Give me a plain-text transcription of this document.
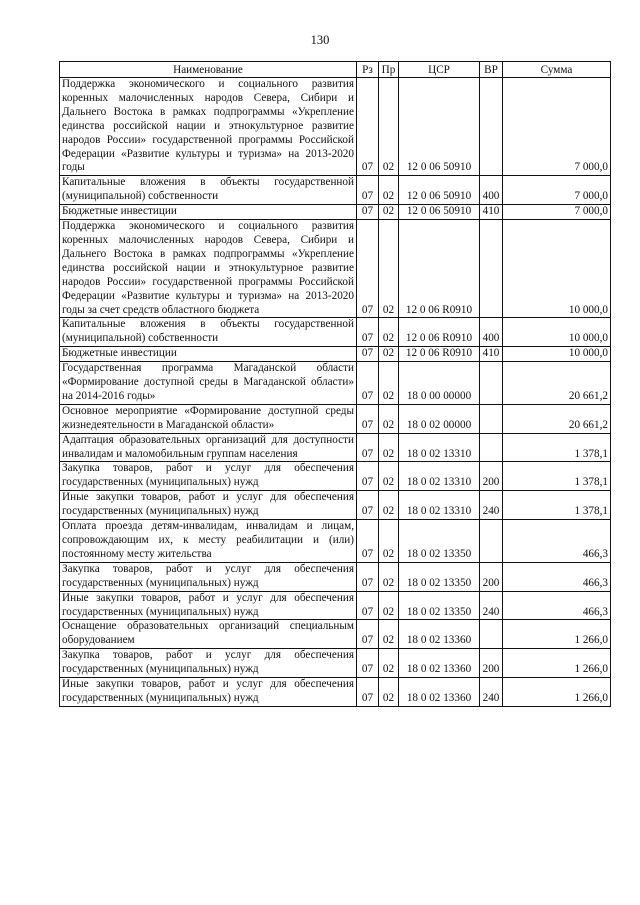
130
Наименование	Рз	Пр	ЦСР	ВР	Сумма
Поддержка экономического и социального развития коренных малочисленных народов Севера, Сибири и Дальнего Востока в рамках подпрограммы «Укрепление единства российской нации и этнокультурное развитие народов России» государственной программы Российской Федерации «Развитие культуры и туризма» на 2013-2020 годы	07	02	12 0 06 50910		7 000,0
Капитальные вложения в объекты государственной (муниципальной) собственности	07	02	12 0 06 50910	400	7 000,0
Бюджетные инвестиции	07	02	12 0 06 50910	410	7 000,0
Поддержка экономического и социального развития коренных малочисленных народов Севера, Сибири и Дальнего Востока в рамках подпрограммы «Укрепление единства российской нации и этнокультурное развитие народов России» государственной программы Российской Федерации «Развитие культуры и туризма» на 2013-2020 годы за счет средств областного бюджета	07	02	12 0 06 R0910		10 000,0
Капитальные вложения в объекты государственной (муниципальной) собственности	07	02	12 0 06 R0910	400	10 000,0
Бюджетные инвестиции	07	02	12 0 06 R0910	410	10 000,0
Государственная программа Магаданской области «Формирование доступной среды в Магаданской области» на 2014-2016 годы»	07	02	18 0 00 00000		20 661,2
Основное мероприятие «Формирование доступной среды жизнедеятельности в Магаданской области»	07	02	18 0 02 00000		20 661,2
Адаптация образовательных организаций для доступности инвалидам и маломобильным группам населения	07	02	18 0 02 13310		1 378,1
Закупка товаров, работ и услуг для обеспечения государственных (муниципальных) нужд	07	02	18 0 02 13310	200	1 378,1
Иные закупки товаров, работ и услуг для обеспечения государственных (муниципальных) нужд	07	02	18 0 02 13310	240	1 378,1
Оплата проезда детям-инвалидам, инвалидам и лицам, сопровождающим их, к месту реабилитации и (или) постоянному месту жительства	07	02	18 0 02 13350		466,3
Закупка товаров, работ и услуг для обеспечения государственных (муниципальных) нужд	07	02	18 0 02 13350	200	466,3
Иные закупки товаров, работ и услуг для обеспечения государственных (муниципальных) нужд	07	02	18 0 02 13350	240	466,3
Оснащение образовательных организаций специальным оборудованием	07	02	18 0 02 13360		1 266,0
Закупка товаров, работ и услуг для обеспечения государственных (муниципальных) нужд	07	02	18 0 02 13360	200	1 266,0
Иные закупки товаров, работ и услуг для обеспечения государственных (муниципальных) нужд	07	02	18 0 02 13360	240	1 266,0
